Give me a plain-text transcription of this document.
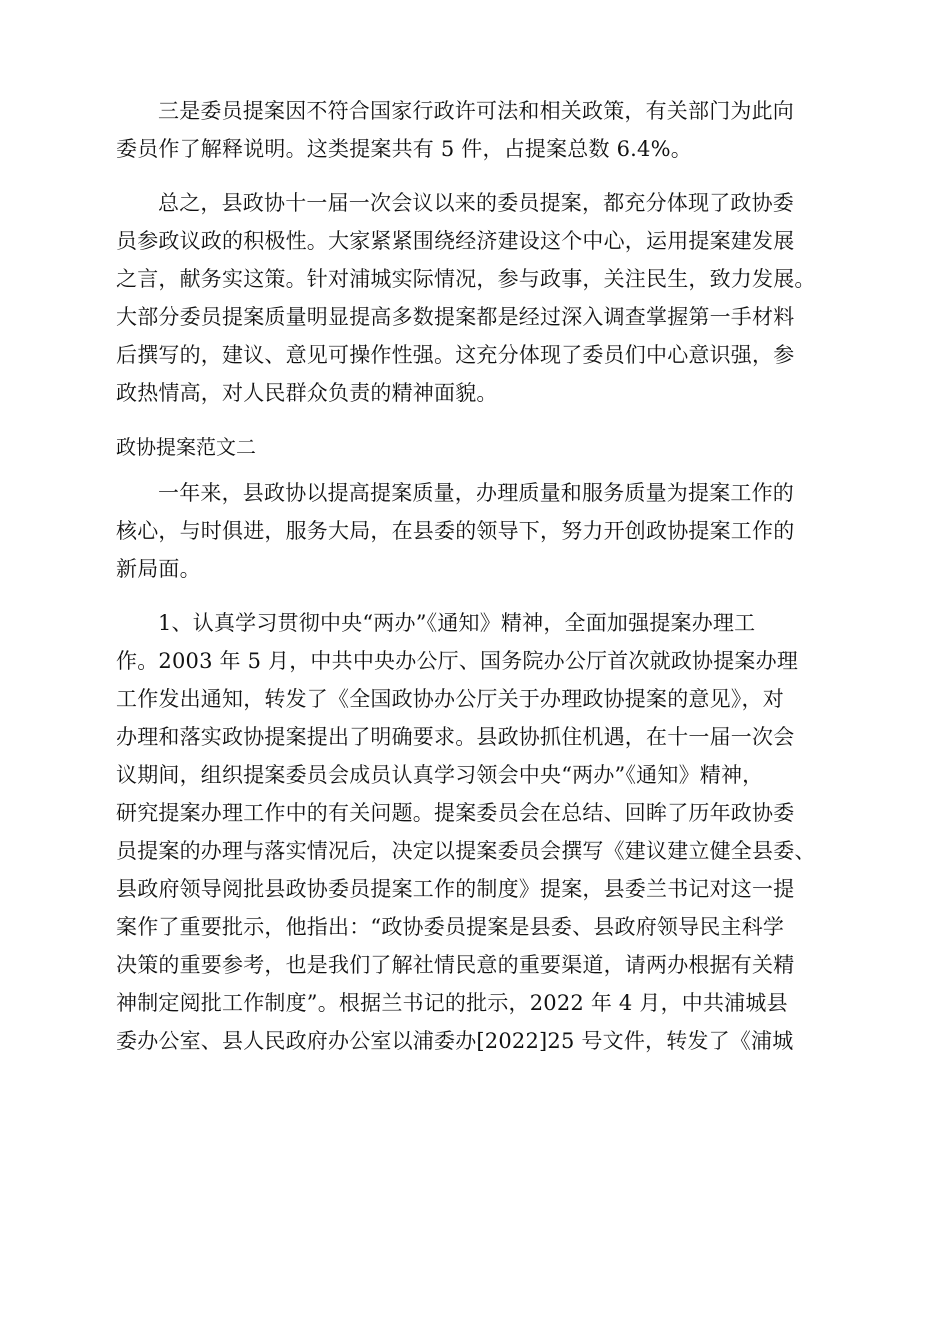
三是委员提案因不符合国家行政许可法和相关政策，有关部门为此向
委员作了解释说明。这类提案共有 5 件，占提案总数 6.4%。

总之，县政协十一届一次会议以来的委员提案，都充分体现了政协委
员参政议政的积极性。大家紧紧围绕经济建设这个中心，运用提案建发展
之言，献务实这策。针对浦城实际情况，参与政事，关注民生，致力发展。
大部分委员提案质量明显提高多数提案都是经过深入调查掌握第一手材料
后撰写的，建议、意见可操作性强。这充分体现了委员们中心意识强，参
政热情高，对人民群众负责的精神面貌。

政协提案范文二

一年来，县政协以提高提案质量，办理质量和服务质量为提案工作的
核心，与时俱进，服务大局，在县委的领导下，努力开创政协提案工作的
新局面。

1、认真学习贯彻中央“两办”《通知》精神，全面加强提案办理工
作。2003 年 5 月，中共中央办公厅、国务院办公厅首次就政协提案办理
工作发出通知，转发了《全国政协办公厅关于办理政协提案的意见》，对
办理和落实政协提案提出了明确要求。县政协抓住机遇，在十一届一次会
议期间，组织提案委员会成员认真学习领会中央“两办”《通知》精神，
研究提案办理工作中的有关问题。提案委员会在总结、回眸了历年政协委
员提案的办理与落实情况后，决定以提案委员会撰写《建议建立健全县委、
县政府领导阅批县政协委员提案工作的制度》提案，县委兰书记对这一提
案作了重要批示，他指出：“政协委员提案是县委、县政府领导民主科学
决策的重要参考，也是我们了解社情民意的重要渠道，请两办根据有关精
神制定阅批工作制度”。根据兰书记的批示，2022 年 4 月，中共浦城县
委办公室、县人民政府办公室以浦委办[2022]25 号文件，转发了《浦城
